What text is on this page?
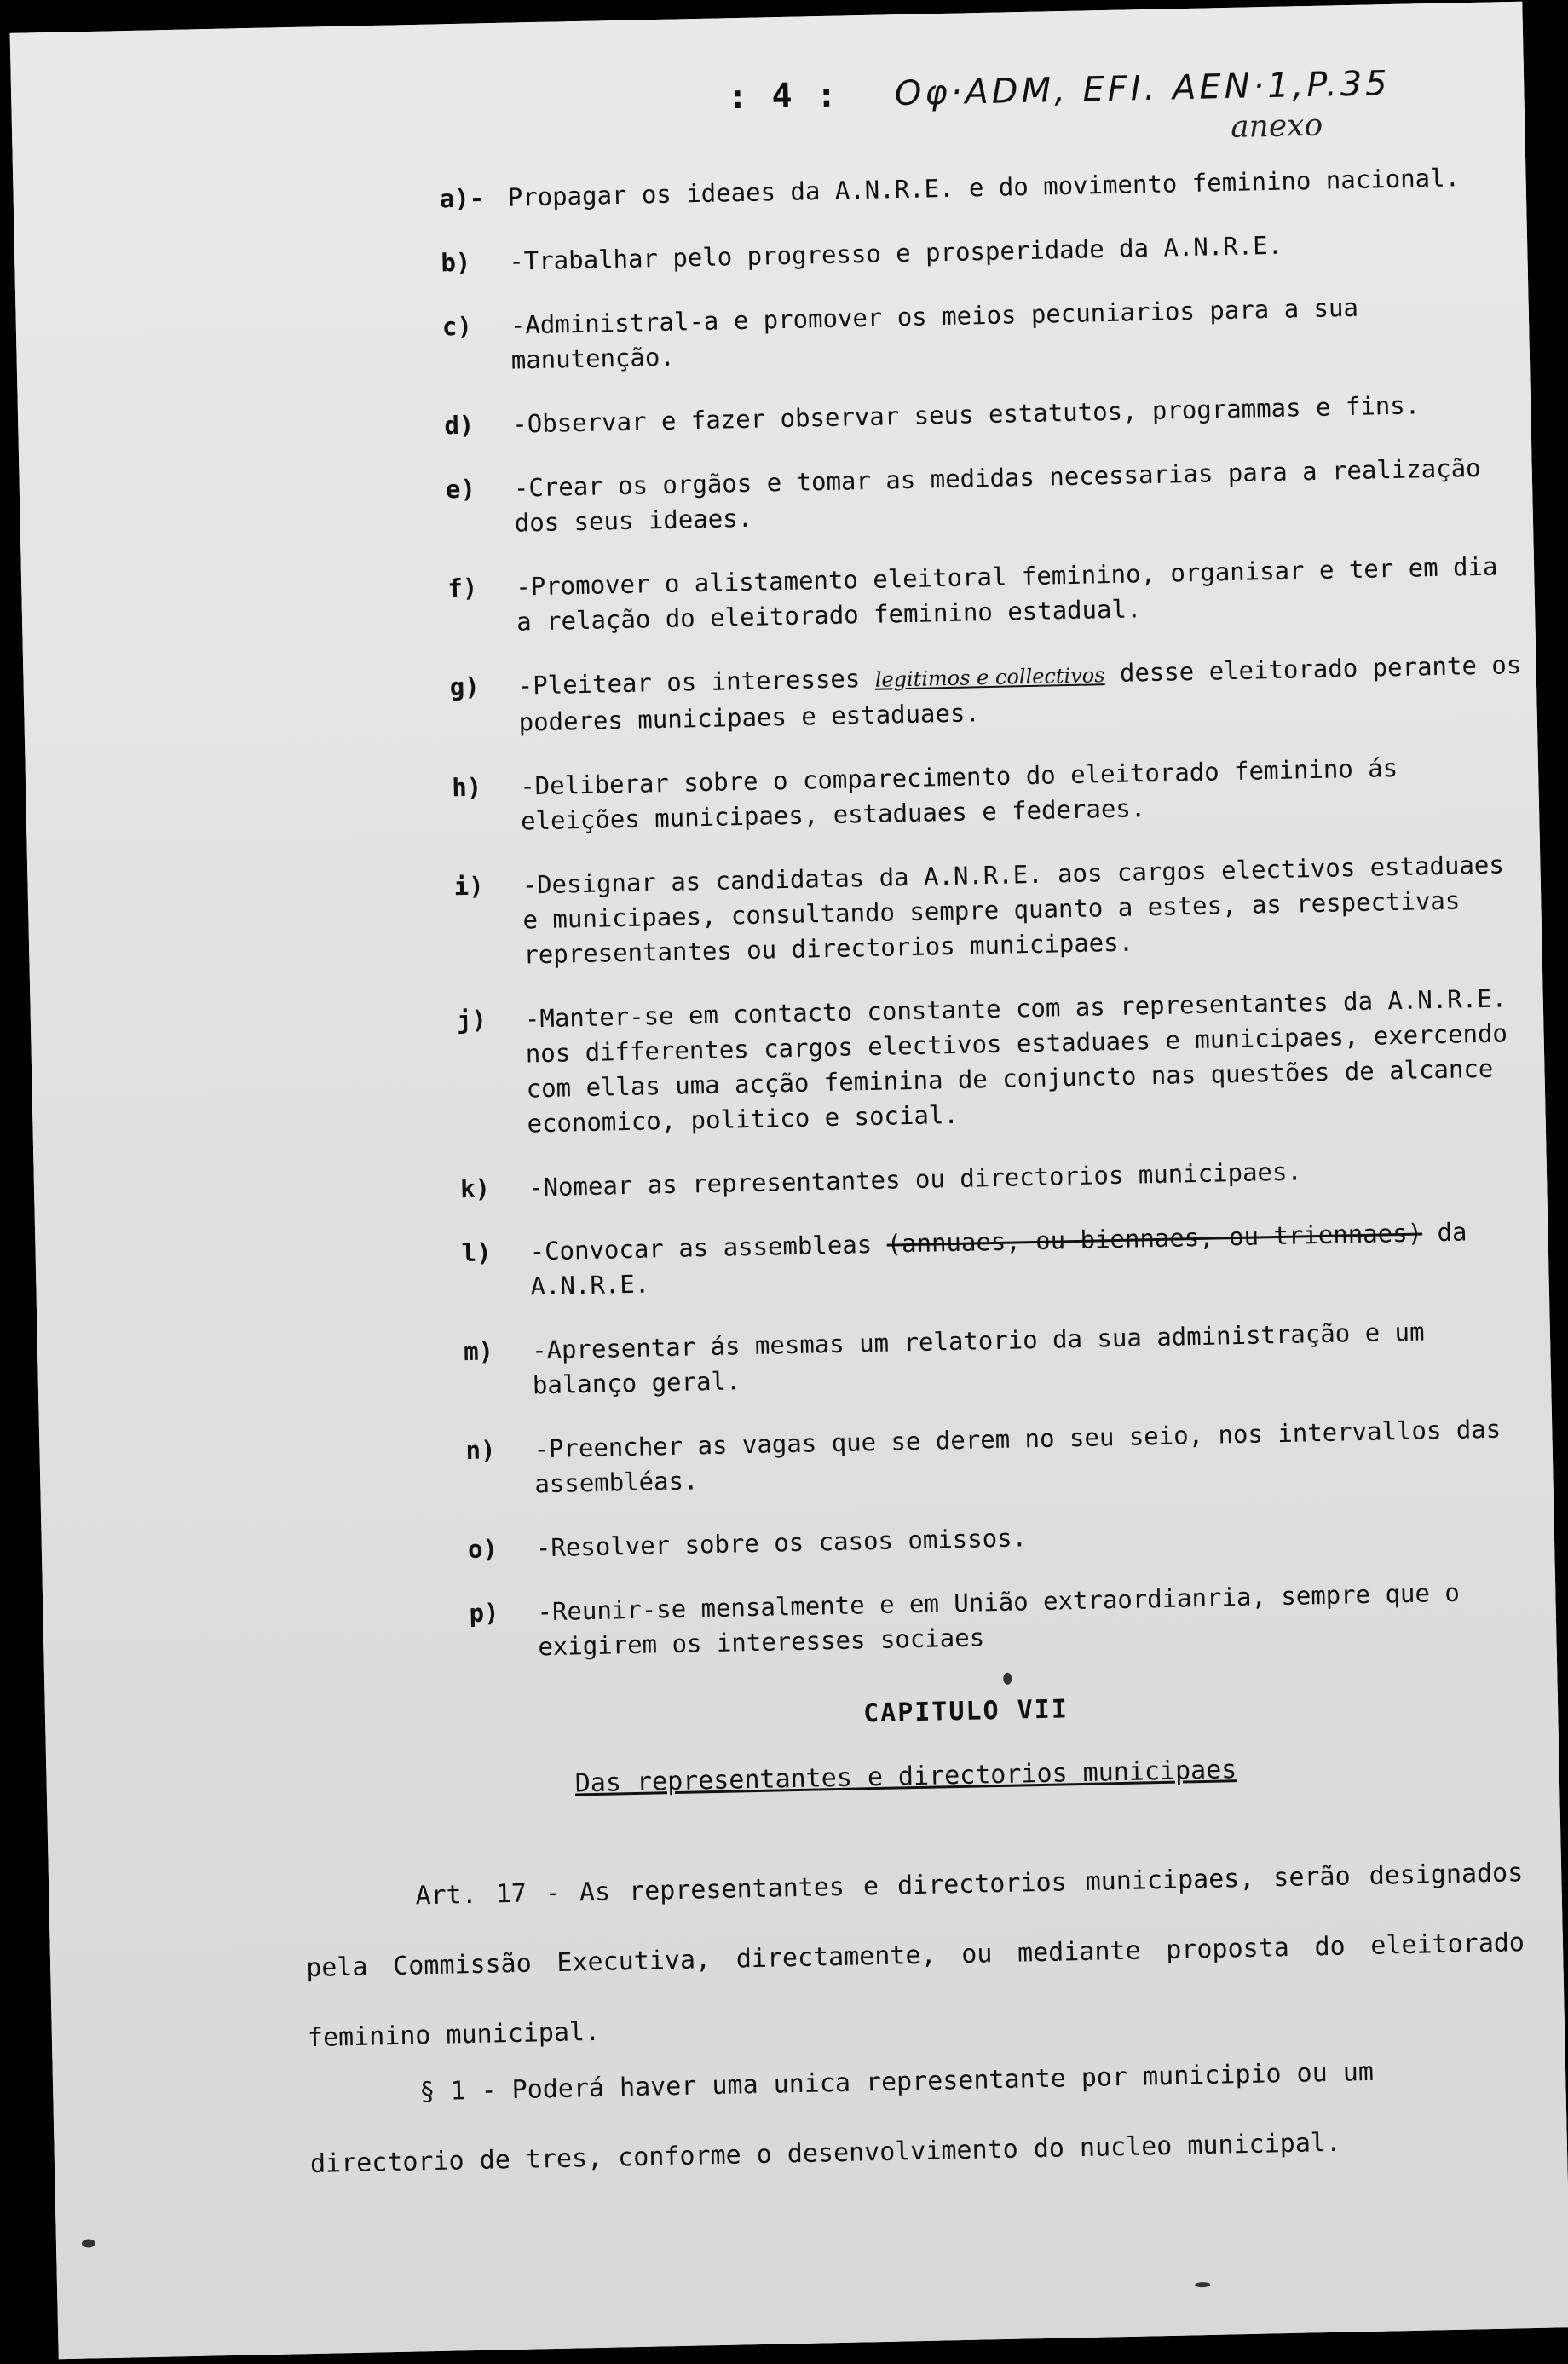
: 4 : Oφ·ADM, EFI. AEN·1,P.35
anexo
a)- Propagar os ideaes da A.N.R.E. e do movimento feminino nacional.
b)	-Trabalhar pelo progresso e prosperidade da A.N.R.E.
c)	-Administral-a e promover os meios pecuniarios para a sua manutenção.
d)	-Observar e fazer observar seus estatutos, programmas e fins.
e)	-Crear os orgãos e tomar as medidas necessarias para a realização dos seus ideaes.
f)	-Promover o alistamento eleitoral feminino, organisar e ter em dia a relação do eleitorado feminino estadual.
g)	-Pleitear os interesses legitimos e collectivos desse eleitorado perante os poderes municipaes e estaduaes.
h)	-Deliberar sobre o comparecimento do eleitorado feminino ás eleições municipaes, estaduaes e federaes.
i)	-Designar as candidatas da A.N.R.E. aos cargos electivos estaduaes e municipaes, consultando sempre quanto a estes, as respectivas representantes ou directorios municipaes.
j)	-Manter-se em contacto constante com as representantes da A.N.R.E. nos differentes cargos electivos estaduaes e municipaes, exercendo com ellas uma acção feminina de conjuncto nas questões de alcance economico, politico e social.
k)	-Nomear as representantes ou directorios municipaes.
l)	-Convocar as assembleas (annuaes, ou biennaes, ou triennaes) da A.N.R.E.
m)	-Apresentar ás mesmas um relatorio da sua administração e um balanço geral.
n)	-Preencher as vagas que se derem no seu seio, nos intervallos das assembléas.
o)	-Resolver sobre os casos omissos.
p)	-Reunir-se mensalmente e em União extraordianria, sempre que o exigirem os interesses sociaes
CAPITULO VII
Das representantes e directorios municipaes
Art. 17 - As representantes e directorios municipaes, serão designados pela Commissão Executiva, directamente, ou mediante proposta do eleitorado feminino municipal.
§ 1 - Poderá haver uma unica representante por municipio ou um directorio de tres, conforme o desenvolvimento do nucleo municipal.
